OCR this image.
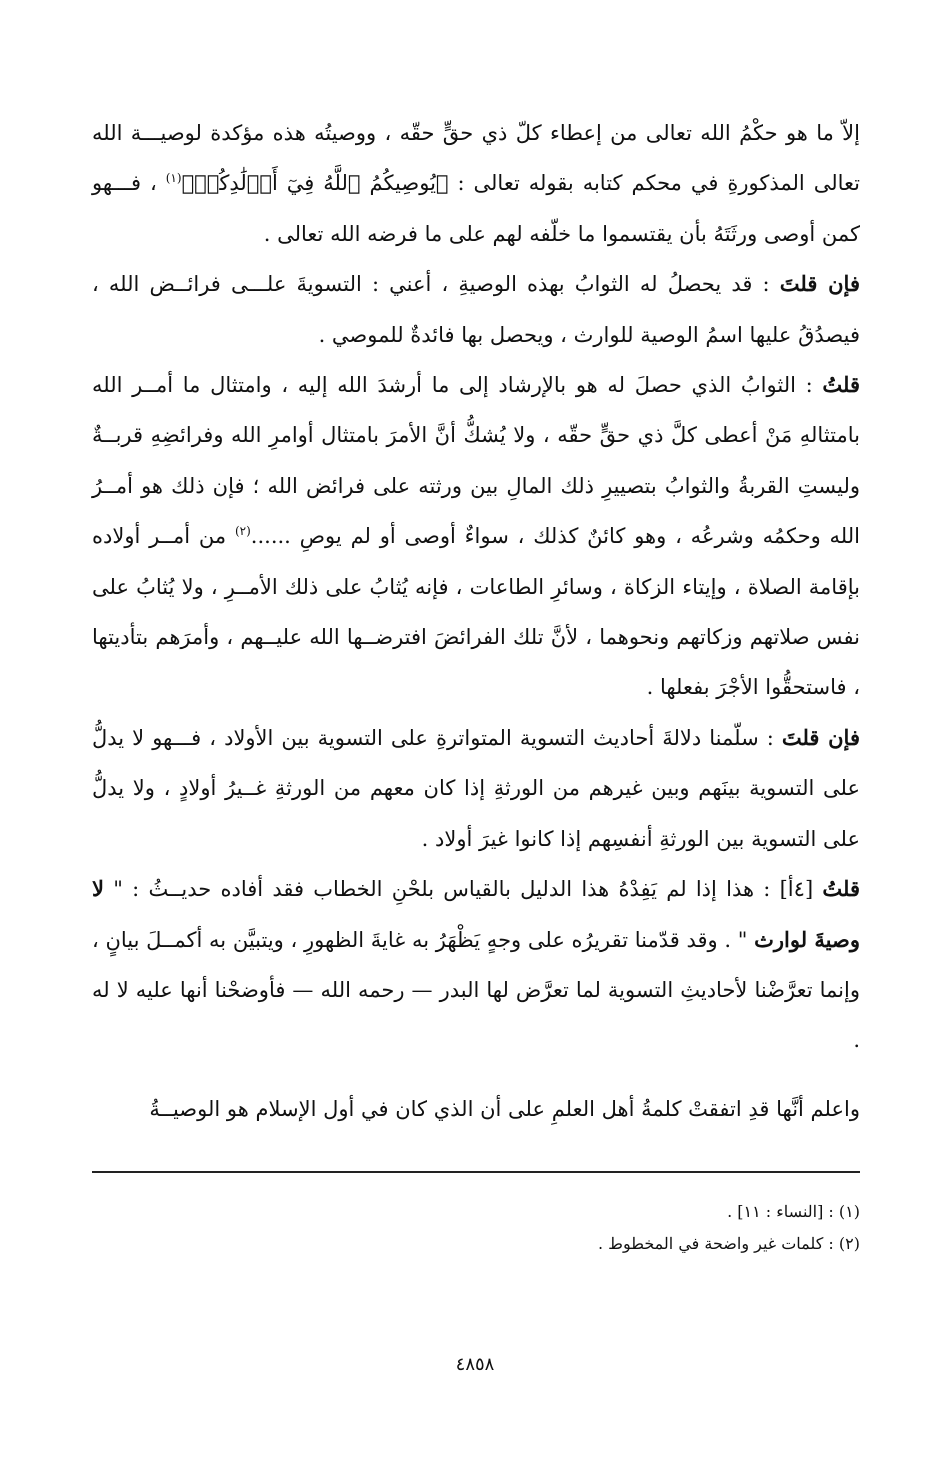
إلاّ ما هو حكْمُ الله تعالى من إعطاء كلّ ذي حقٍّ حقّه ، ووصيتُه هذه مؤكدة لوصيـــة الله تعالى المذكورةِ في محكم كتابه بقوله تعالى : ﴿يُوصِيكُمُ ٱللَّهُ فِيٓ أَوۡلَٰدِكُمۡ﴾$^{(١)}$ ، فـــهو كمن أوصى ورثَتَهُ بأن يقتسموا ما خلّفه لهم على ما فرضه الله تعالى .

فإن قلتَ : قد يحصلُ له الثوابُ بهذه الوصيةِ ، أعني : التسويةَ علـــى فرائــض الله ، فيصدُقُ عليها اسمُ الوصية للوارث ، ويحصل بها فائدةٌ للموصي .

قلتُ : الثوابُ الذي حصلَ له هو بالإرشاد إلى ما أرشدَ الله إليه ، وامتثال ما أمــر الله بامتثالهِ مَنْ أعطى كلَّ ذي حقٍّ حقّه ، ولا يُشكُّ أنَّ الأمرَ بامتثال أوامرِ الله وفرائضِهِ قربــةٌ وليستِ القربةُ والثوابُ بتصييرِ ذلك المالِ بين ورثته على فرائض الله ؛ فإن ذلك هو أمــرُ الله وحكمُه وشرعُه ، وهو كائنٌ كذلك ، سواءٌ أوصى أو لم يوصِ ......$^{(٢)}$ من أمــر أولاده بإقامة الصلاة ، وإيتاء الزكاة ، وسائرِ الطاعات ، فإنه يُثابُ على ذلك الأمــرِ ، ولا يُثابُ على نفس صلاتهم وزكاتهم ونحوهما ، لأنَّ تلك الفرائضَ افترضــها الله عليــهم ، وأمرَهم بتأديتها ، فاستحقُّوا الأجْرَ بفعلها .

فإن قلتَ : سلّمنا دلالةَ أحاديث التسوية المتواترةِ على التسوية بين الأولاد ، فـــهو لا يدلُّ على التسوية بينَهم وبين غيرهم من الورثةِ إذا كان معهم من الورثةِ غــيرُ أولادٍ ، ولا يدلُّ على التسوية بين الورثةِ أنفسِهم إذا كانوا غيرَ أولاد .

قلتُ [٤أ] : هذا إذا لم يَفِدْهُ هذا الدليل بالقياس بلحْنِ الخطاب فقد أفاده حديــثُ : " لا وصيةَ لوارث " . وقد قدّمنا تقريرُه على وجهٍ يَظْهَرُ به غايةَ الظهورِ ، ويتبيَّن به أكمــلَ بيانٍ ، وإنما تعرَّضْنا لأحاديثِ التسوية لما تعرَّض لها البدر — رحمه الله — فأوضحْنا أنها عليه لا له .

واعلم أنَّها قدِ اتفقتْ كلمةُ أهل العلمِ على أن الذي كان في أول الإسلام هو الوصيــةُ

(١) : [النساء : ١١] .
(٢) : كلمات غير واضحة في المخطوط .
٤٨٥٨
